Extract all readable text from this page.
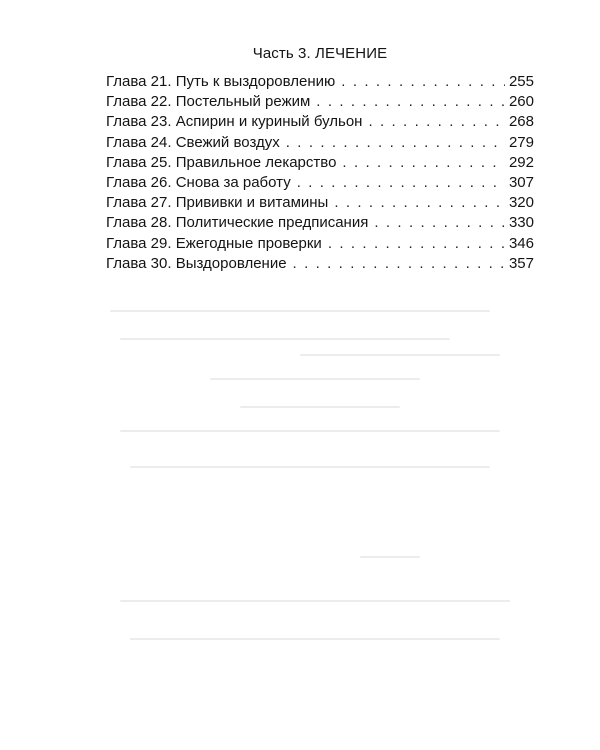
Часть 3. ЛЕЧЕНИЕ
Глава 21. Путь к выздоровлению . . .	255
Глава 22. Постельный режим . . .	260
Глава 23. Аспирин и куриный бульон . . .	268
Глава 24. Свежий воздух . . .	279
Глава 25. Правильное лекарство . . .	292
Глава 26. Снова за работу . . .	307
Глава 27. Прививки и витамины . . .	320
Глава 28. Политические предписания . . .	330
Глава 29. Ежегодные проверки . . .	346
Глава 30. Выздоровление . . .	357
